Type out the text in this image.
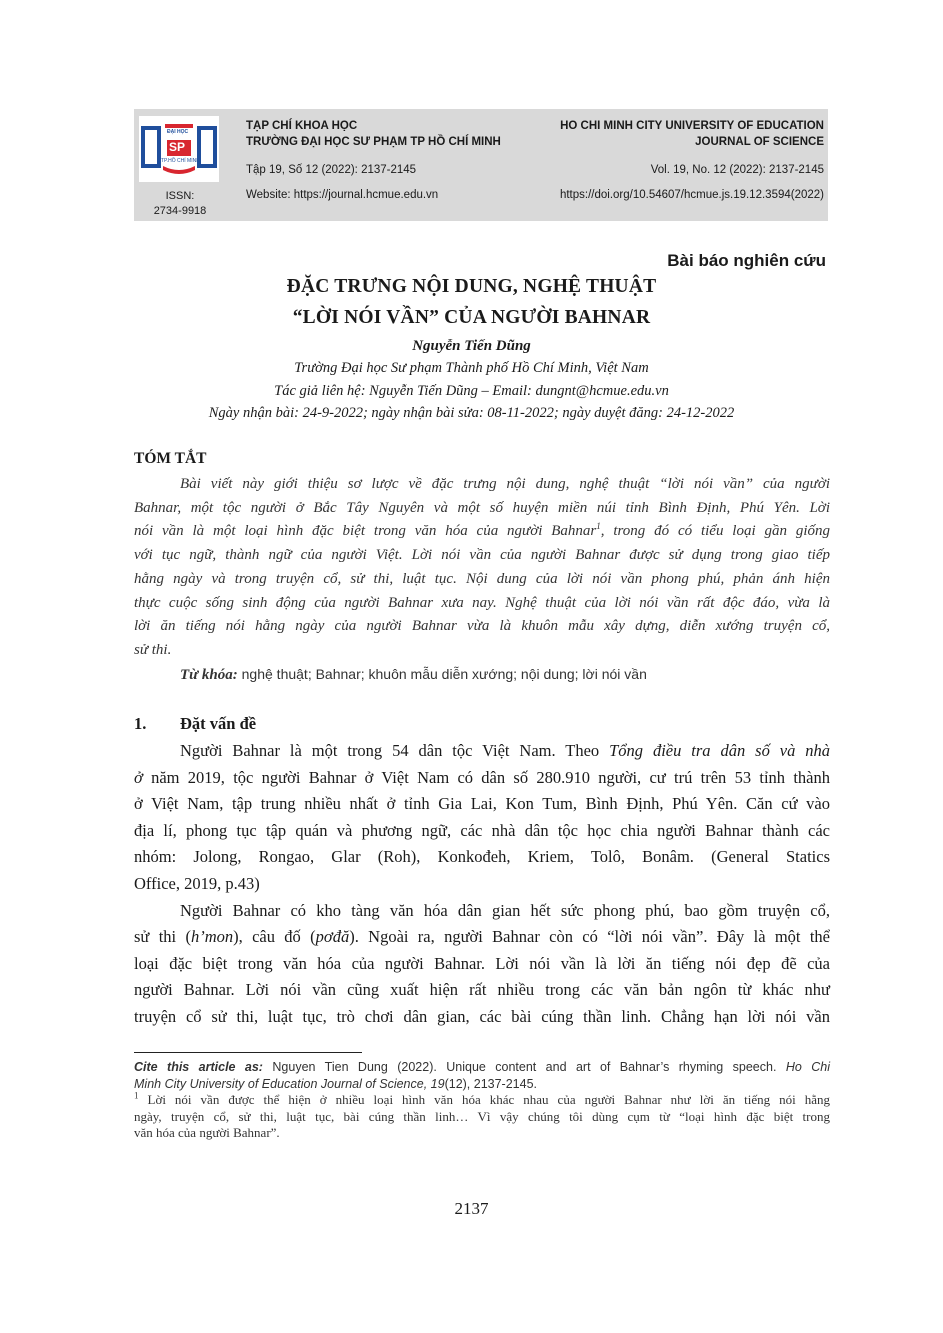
ĐẠI HỌC
SP
TP.HỒ CHÍ MINH
ISSN:
2734-9918
TẠP CHÍ KHOA HỌC
TRƯỜNG ĐẠI HỌC SƯ PHẠM TP HỒ CHÍ MINH
Tập 19, Số 12 (2022): 2137-2145
Website: https://journal.hcmue.edu.vn
HO CHI MINH CITY UNIVERSITY OF EDUCATION
JOURNAL OF SCIENCE
Vol. 19, No. 12 (2022): 2137-2145
https://doi.org/10.54607/hcmue.js.19.12.3594(2022)
Bài báo nghiên cứu
ĐẶC TRƯNG NỘI DUNG, NGHỆ THUẬT
“LỜI NÓI VẦN” CỦA NGƯỜI BAHNAR
Nguyễn Tiến Dũng
Trường Đại học Sư phạm Thành phố Hồ Chí Minh, Việt Nam
Tác giả liên hệ: Nguyễn Tiến Dũng – Email: dungnt@hcmue.edu.vn
Ngày nhận bài: 24-9-2022; ngày nhận bài sửa: 08-11-2022; ngày duyệt đăng: 24-12-2022
TÓM TẮT
Bài viết này giới thiệu sơ lược về đặc trưng nội dung, nghệ thuật “lời nói vần” của người
Bahnar, một tộc người ở Bắc Tây Nguyên và một số huyện miền núi tỉnh Bình Định, Phú Yên. Lời
nói vần là một loại hình đặc biệt trong văn hóa của người Bahnar$^1$, trong đó có tiểu loại gần giống
với tục ngữ, thành ngữ của người Việt. Lời nói vần của người Bahnar được sử dụng trong giao tiếp
hằng ngày và trong truyện cổ, sử thi, luật tục. Nội dung của lời nói vần phong phú, phản ánh hiện
thực cuộc sống sinh động của người Bahnar xưa nay. Nghệ thuật của lời nói vần rất độc đáo, vừa là
lời ăn tiếng nói hằng ngày của người Bahnar vừa là khuôn mẫu xây dựng, diễn xướng truyện cổ,
sử thi.
Từ khóa: nghệ thuật; Bahnar; khuôn mẫu diễn xướng; nội dung; lời nói vần
1. Đặt vấn đề
Người Bahnar là một trong 54 dân tộc Việt Nam. Theo Tổng điều tra dân số và nhà
ở năm 2019, tộc người Bahnar ở Việt Nam có dân số 280.910 người, cư trú trên 53 tỉnh thành
ở Việt Nam, tập trung nhiều nhất ở tỉnh Gia Lai, Kon Tum, Bình Định, Phú Yên. Căn cứ vào
địa lí, phong tục tập quán và phương ngữ, các nhà dân tộc học chia người Bahnar thành các
nhóm: Jolong, Rongao, Glar (Roh), Konkođeh, Kriem, Tolô, Bonâm. (General Statics
Office, 2019, p.43)
Người Bahnar có kho tàng văn hóa dân gian hết sức phong phú, bao gồm truyện cổ,
sử thi (h’mon), câu đố (pơđă). Ngoài ra, người Bahnar còn có “lời nói vần”. Đây là một thể
loại đặc biệt trong văn hóa của người Bahnar. Lời nói vần là lời ăn tiếng nói đẹp đẽ của
người Bahnar. Lời nói vần cũng xuất hiện rất nhiều trong các văn bản ngôn từ khác như
truyện cổ sử thi, luật tục, trò chơi dân gian, các bài cúng thần linh. Chẳng hạn lời nói vần
Cite this article as: Nguyen Tien Dung (2022). Unique content and art of Bahnar’s rhyming speech. Ho Chi
Minh City University of Education Journal of Science, 19(12), 2137-2145.
$^1$ Lời nói vần được thể hiện ở nhiều loại hình văn hóa khác nhau của người Bahnar như lời ăn tiếng nói hằng
ngày, truyện cổ, sử thi, luật tục, bài cúng thần linh… Vì vậy chúng tôi dùng cụm từ “loại hình đặc biệt trong
văn hóa của người Bahnar”.
2137
